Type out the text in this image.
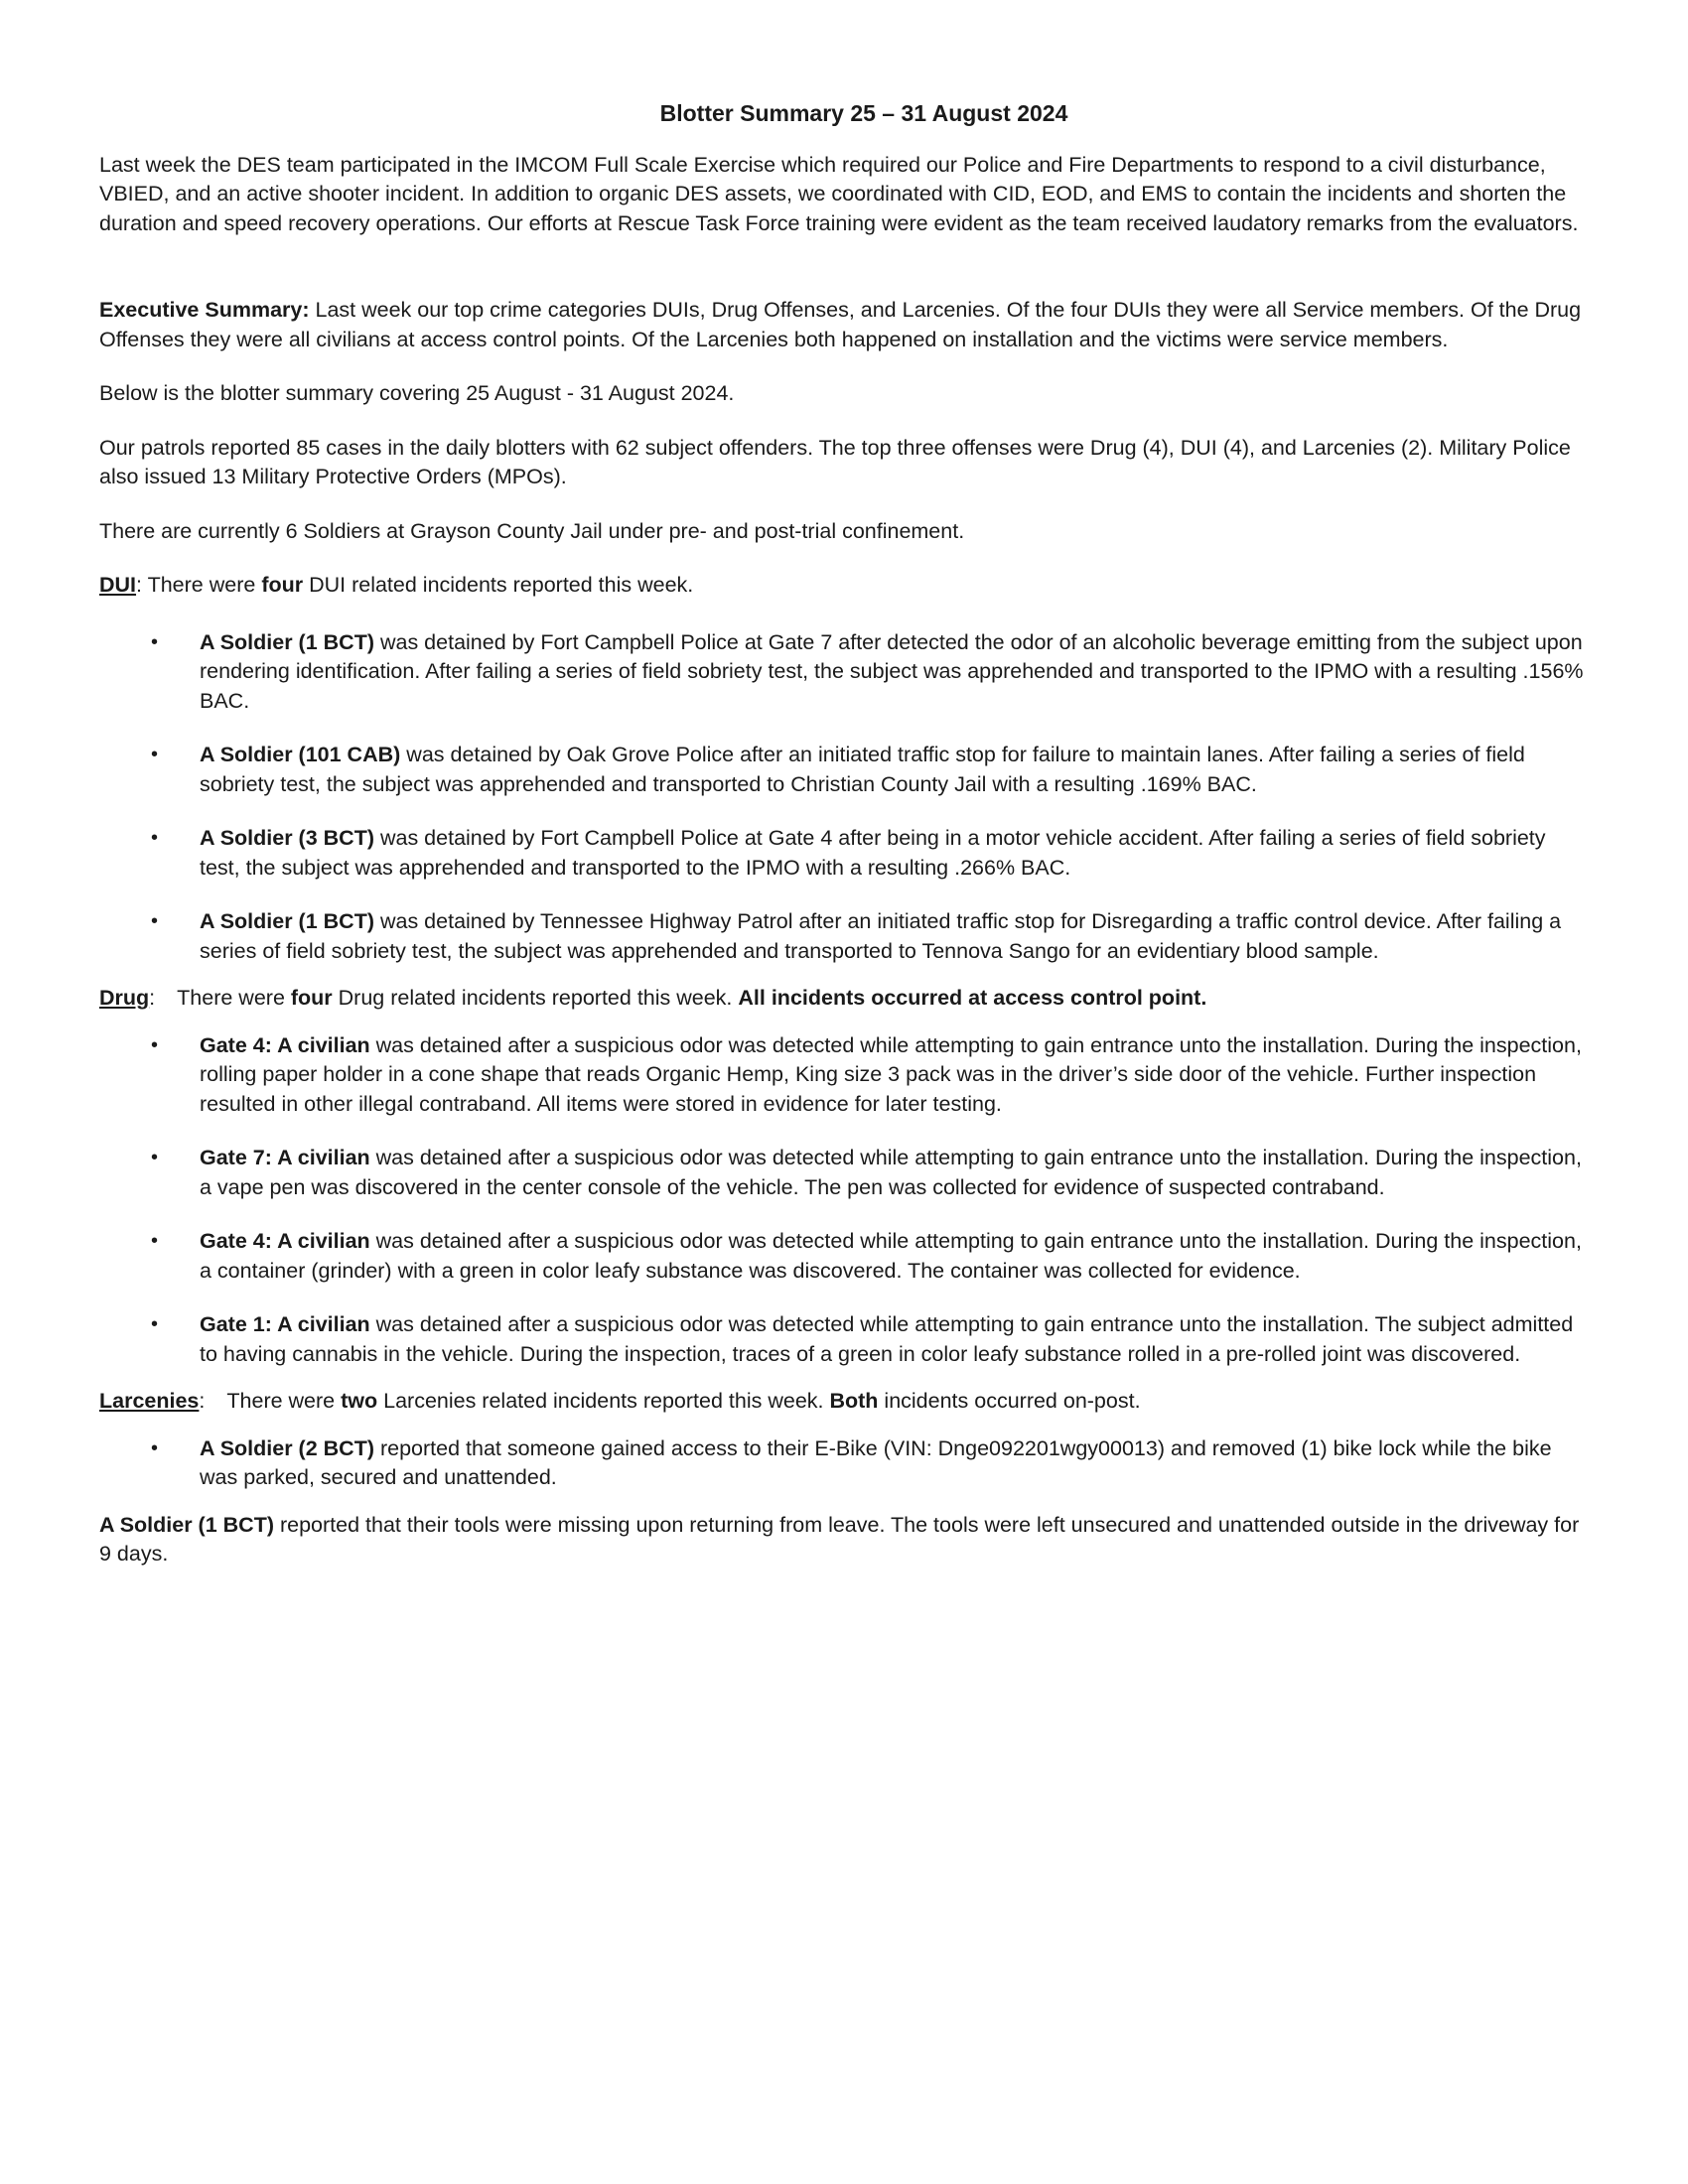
Blotter Summary 25 – 31 August 2024

Last week the DES team participated in the IMCOM Full Scale Exercise which required our Police and Fire Departments to respond to a civil disturbance, VBIED, and an active shooter incident. In addition to organic DES assets, we coordinated with CID, EOD, and EMS to contain the incidents and shorten the duration and speed recovery operations. Our efforts at Rescue Task Force training were evident as the team received laudatory remarks from the evaluators.

Executive Summary: Last week our top crime categories DUIs, Drug Offenses, and Larcenies. Of the four DUIs they were all Service members. Of the Drug Offenses they were all civilians at access control points. Of the Larcenies both happened on installation and the victims were service members.

Below is the blotter summary covering 25 August - 31 August 2024.

Our patrols reported 85 cases in the daily blotters with 62 subject offenders. The top three offenses were Drug (4), DUI (4), and Larcenies (2). Military Police also issued 13 Military Protective Orders (MPOs).

There are currently 6 Soldiers at Grayson County Jail under pre- and post-trial confinement.

DUI: There were four DUI related incidents reported this week.

• A Soldier (1 BCT) was detained by Fort Campbell Police at Gate 7 after detected the odor of an alcoholic beverage emitting from the subject upon rendering identification. After failing a series of field sobriety test, the subject was apprehended and transported to the IPMO with a resulting .156% BAC.
• A Soldier (101 CAB) was detained by Oak Grove Police after an initiated traffic stop for failure to maintain lanes. After failing a series of field sobriety test, the subject was apprehended and transported to Christian County Jail with a resulting .169% BAC.
• A Soldier (3 BCT) was detained by Fort Campbell Police at Gate 4 after being in a motor vehicle accident. After failing a series of field sobriety test, the subject was apprehended and transported to the IPMO with a resulting .266% BAC.
• A Soldier (1 BCT) was detained by Tennessee Highway Patrol after an initiated traffic stop for Disregarding a traffic control device. After failing a series of field sobriety test, the subject was apprehended and transported to Tennova Sango for an evidentiary blood sample.

Drug: There were four Drug related incidents reported this week. All incidents occurred at access control point.

• Gate 4: A civilian was detained after a suspicious odor was detected while attempting to gain entrance unto the installation. During the inspection, rolling paper holder in a cone shape that reads Organic Hemp, King size 3 pack was in the driver’s side door of the vehicle. Further inspection resulted in other illegal contraband. All items were stored in evidence for later testing.
• Gate 7: A civilian was detained after a suspicious odor was detected while attempting to gain entrance unto the installation. During the inspection, a vape pen was discovered in the center console of the vehicle. The pen was collected for evidence of suspected contraband.
• Gate 4: A civilian was detained after a suspicious odor was detected while attempting to gain entrance unto the installation. During the inspection, a container (grinder) with a green in color leafy substance was discovered. The container was collected for evidence.
• Gate 1: A civilian was detained after a suspicious odor was detected while attempting to gain entrance unto the installation. The subject admitted to having cannabis in the vehicle. During the inspection, traces of a green in color leafy substance rolled in a pre-rolled joint was discovered.

Larcenies: There were two Larcenies related incidents reported this week. Both incidents occurred on-post.

• A Soldier (2 BCT) reported that someone gained access to their E-Bike (VIN: Dnge092201wgy00013) and removed (1) bike lock while the bike was parked, secured and unattended.

A Soldier (1 BCT) reported that their tools were missing upon returning from leave. The tools were left unsecured and unattended outside in the driveway for 9 days.
